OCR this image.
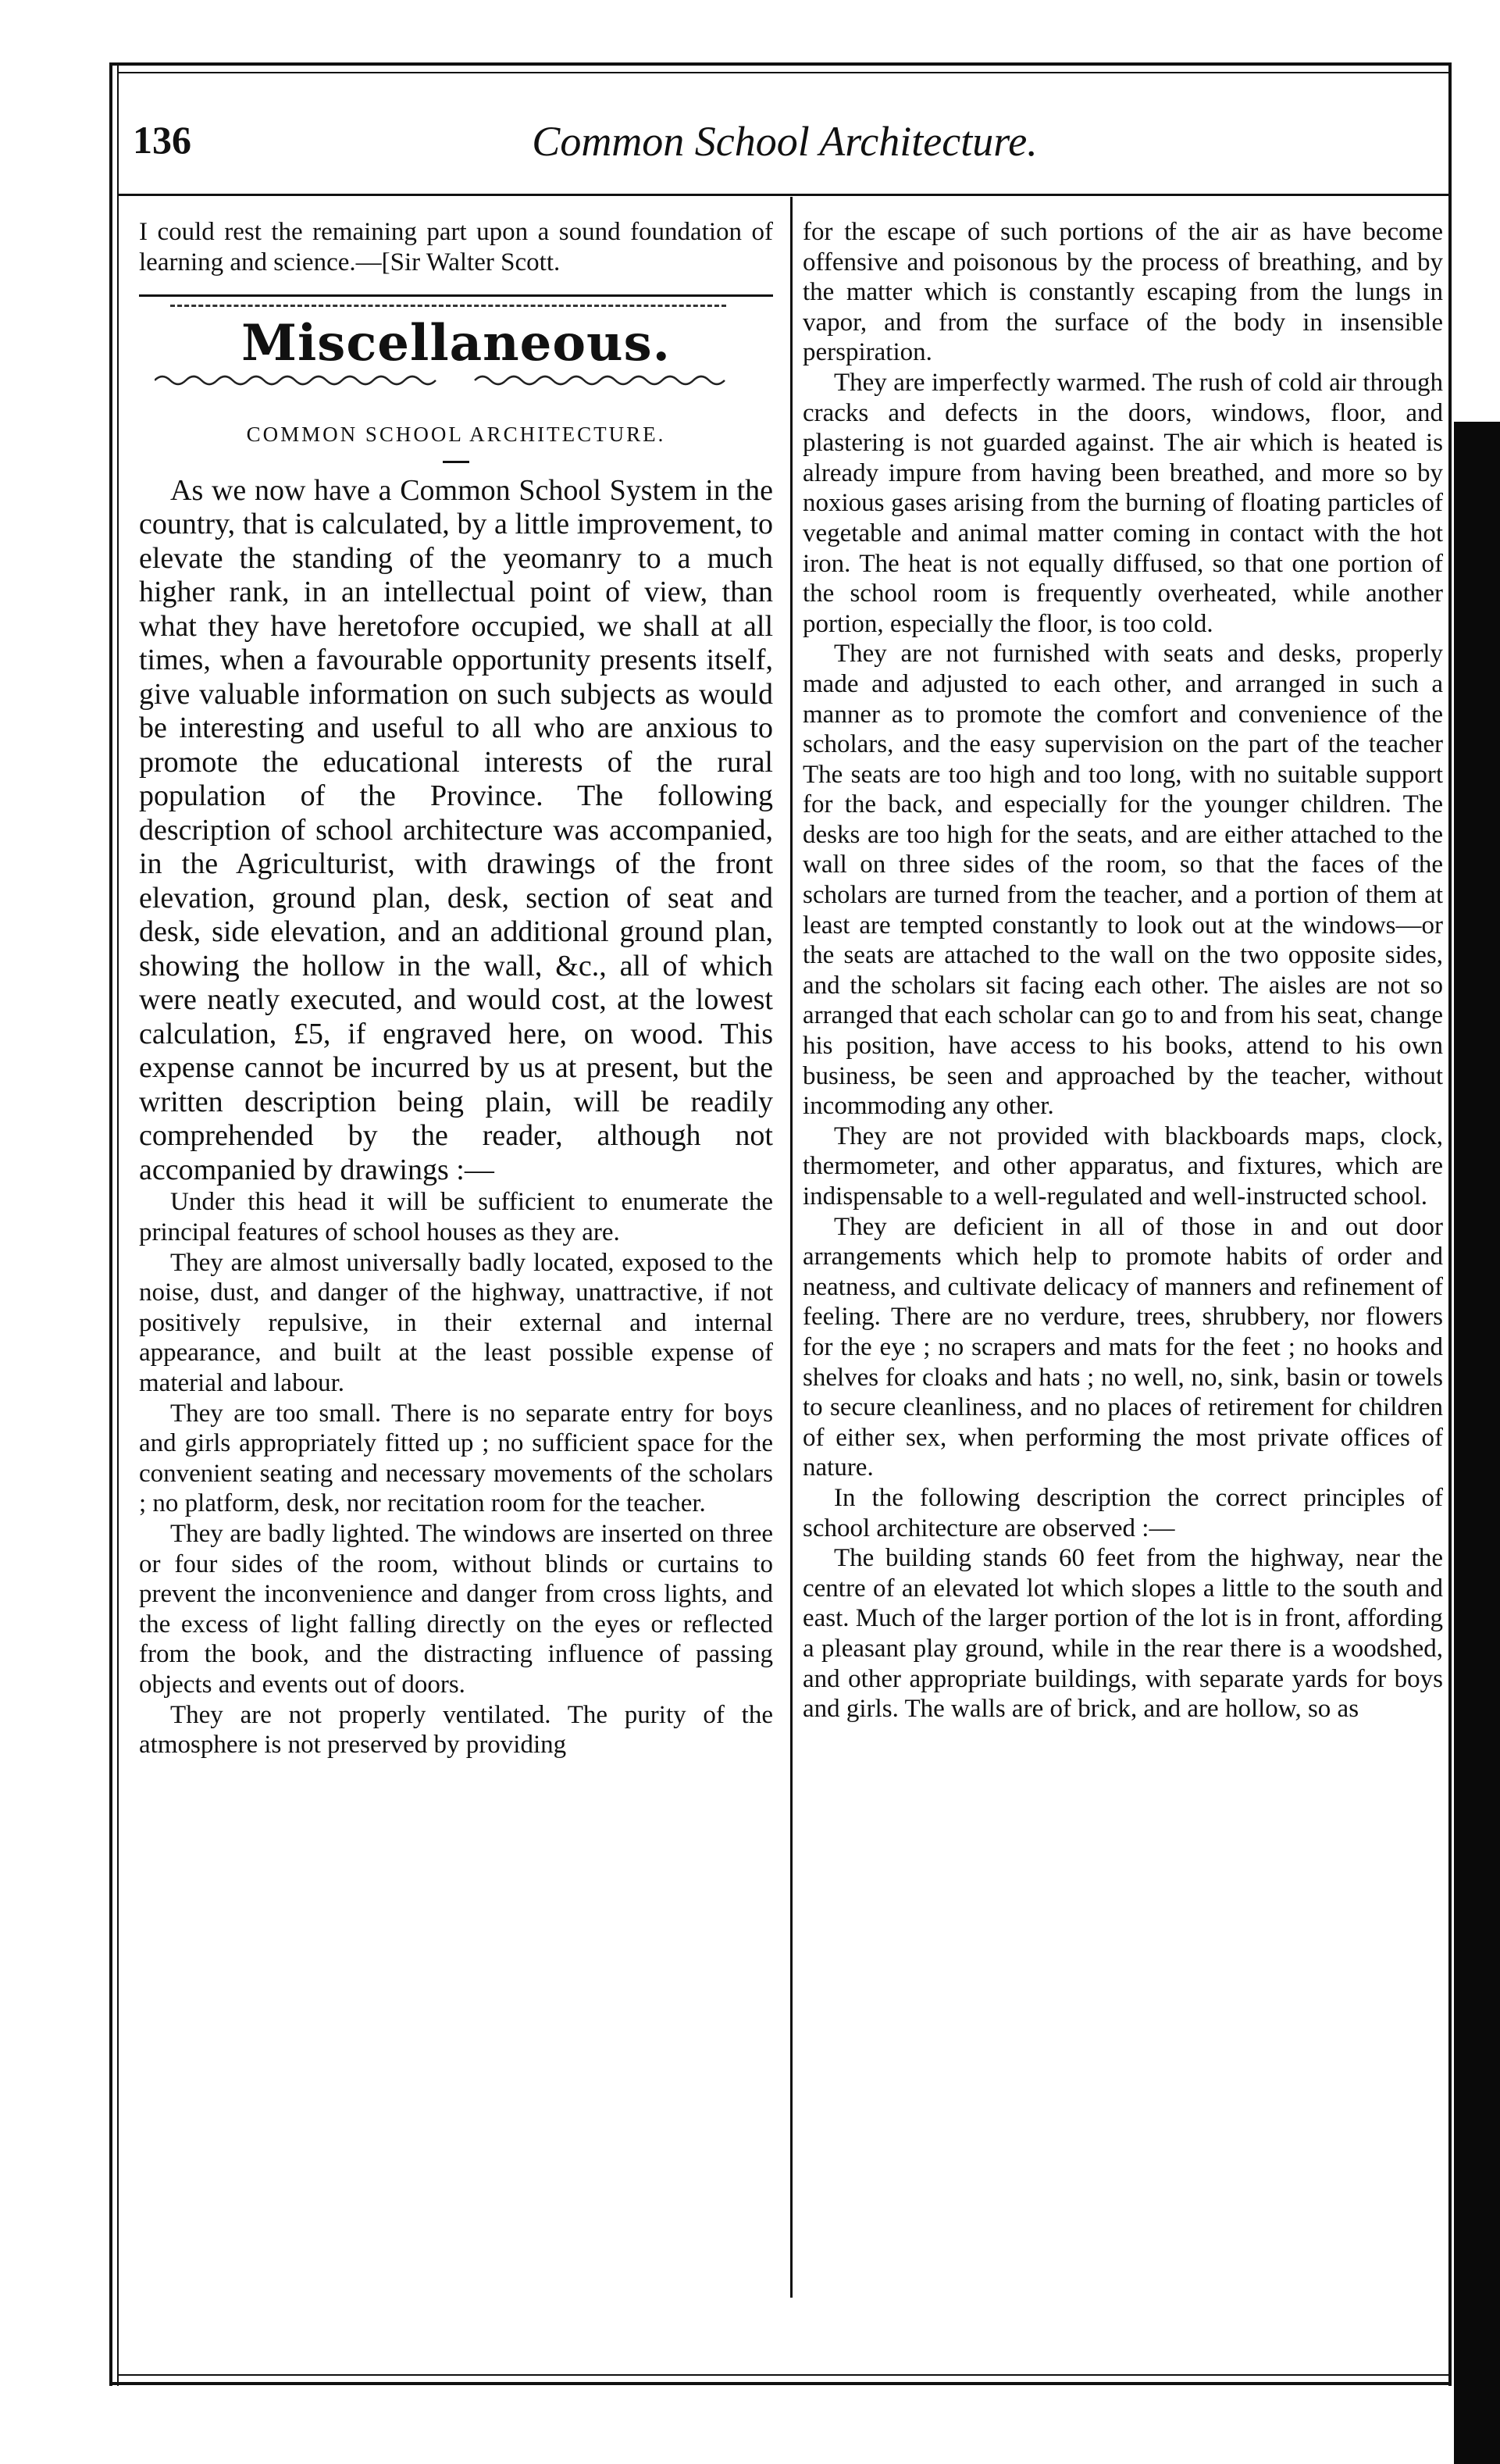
Common School Architecture.
136

I could rest the remaining part upon a sound foundation of learning and science.—[Sir Walter Scott.

Miscellaneous.
COMMON SCHOOL ARCHITECTURE.

As we now have a Common School System in the country, that is calculated, by a little improvement, to elevate the standing of the yeomanry to a much higher rank, in an intellectual point of view, than what they have heretofore occupied, we shall at all times, when a favourable opportunity presents itself, give valuable information on such subjects as would be interesting and useful to all who are anxious to promote the educational interests of the rural population of the Province. The following description of school architecture was accompanied, in the Agriculturist, with drawings of the front elevation, ground plan, desk, section of seat and desk, side elevation, and an additional ground plan, showing the hollow in the wall, &c., all of which were neatly executed, and would cost, at the lowest calculation, £5, if engraved here, on wood. This expense cannot be incurred by us at present, but the written description being plain, will be readily comprehended by the reader, although not accompanied by drawings :—

Under this head it will be sufficient to enumerate the principal features of school houses as they are.

They are almost universally badly located, exposed to the noise, dust, and danger of the highway, unattractive, if not positively repulsive, in their external and internal appearance, and built at the least possible expense of material and labour.

They are too small. There is no separate entry for boys and girls appropriately fitted up ; no sufficient space for the convenient seating and necessary movements of the scholars ; no platform, desk, nor recitation room for the teacher.

They are badly lighted. The windows are inserted on three or four sides of the room, without blinds or curtains to prevent the inconvenience and danger from cross lights, and the excess of light falling directly on the eyes or reflected from the book, and the distracting influence of passing objects and events out of doors.

They are not properly ventilated. The purity of the atmosphere is not preserved by providing

for the escape of such portions of the air as have become offensive and poisonous by the process of breathing, and by the matter which is constantly escaping from the lungs in vapor, and from the surface of the body in insensible perspiration.

They are imperfectly warmed. The rush of cold air through cracks and defects in the doors, windows, floor, and plastering is not guarded against. The air which is heated is already impure from having been breathed, and more so by noxious gases arising from the burning of floating particles of vegetable and animal matter coming in contact with the hot iron. The heat is not equally diffused, so that one portion of the school room is frequently overheated, while another portion, especially the floor, is too cold.

They are not furnished with seats and desks, properly made and adjusted to each other, and arranged in such a manner as to promote the comfort and convenience of the scholars, and the easy supervision on the part of the teacher The seats are too high and too long, with no suitable support for the back, and especially for the younger children. The desks are too high for the seats, and are either attached to the wall on three sides of the room, so that the faces of the scholars are turned from the teacher, and a portion of them at least are tempted constantly to look out at the windows—or the seats are attached to the wall on the two opposite sides, and the scholars sit facing each other. The aisles are not so arranged that each scholar can go to and from his seat, change his position, have access to his books, attend to his own business, be seen and approached by the teacher, without incommoding any other.

They are not provided with blackboards maps, clock, thermometer, and other apparatus, and fixtures, which are indispensable to a well-regulated and well-instructed school.

They are deficient in all of those in and out door arrangements which help to promote habits of order and neatness, and cultivate delicacy of manners and refinement of feeling. There are no verdure, trees, shrubbery, nor flowers for the eye ; no scrapers and mats for the feet ; no hooks and shelves for cloaks and hats ; no well, no, sink, basin or towels to secure cleanliness, and no places of retirement for children of either sex, when performing the most private offices of nature.

In the following description the correct principles of school architecture are observed :—

The building stands 60 feet from the highway, near the centre of an elevated lot which slopes a little to the south and east. Much of the larger portion of the lot is in front, affording a pleasant play ground, while in the rear there is a woodshed, and other appropriate buildings, with separate yards for boys and girls. The walls are of brick, and are hollow, so as
